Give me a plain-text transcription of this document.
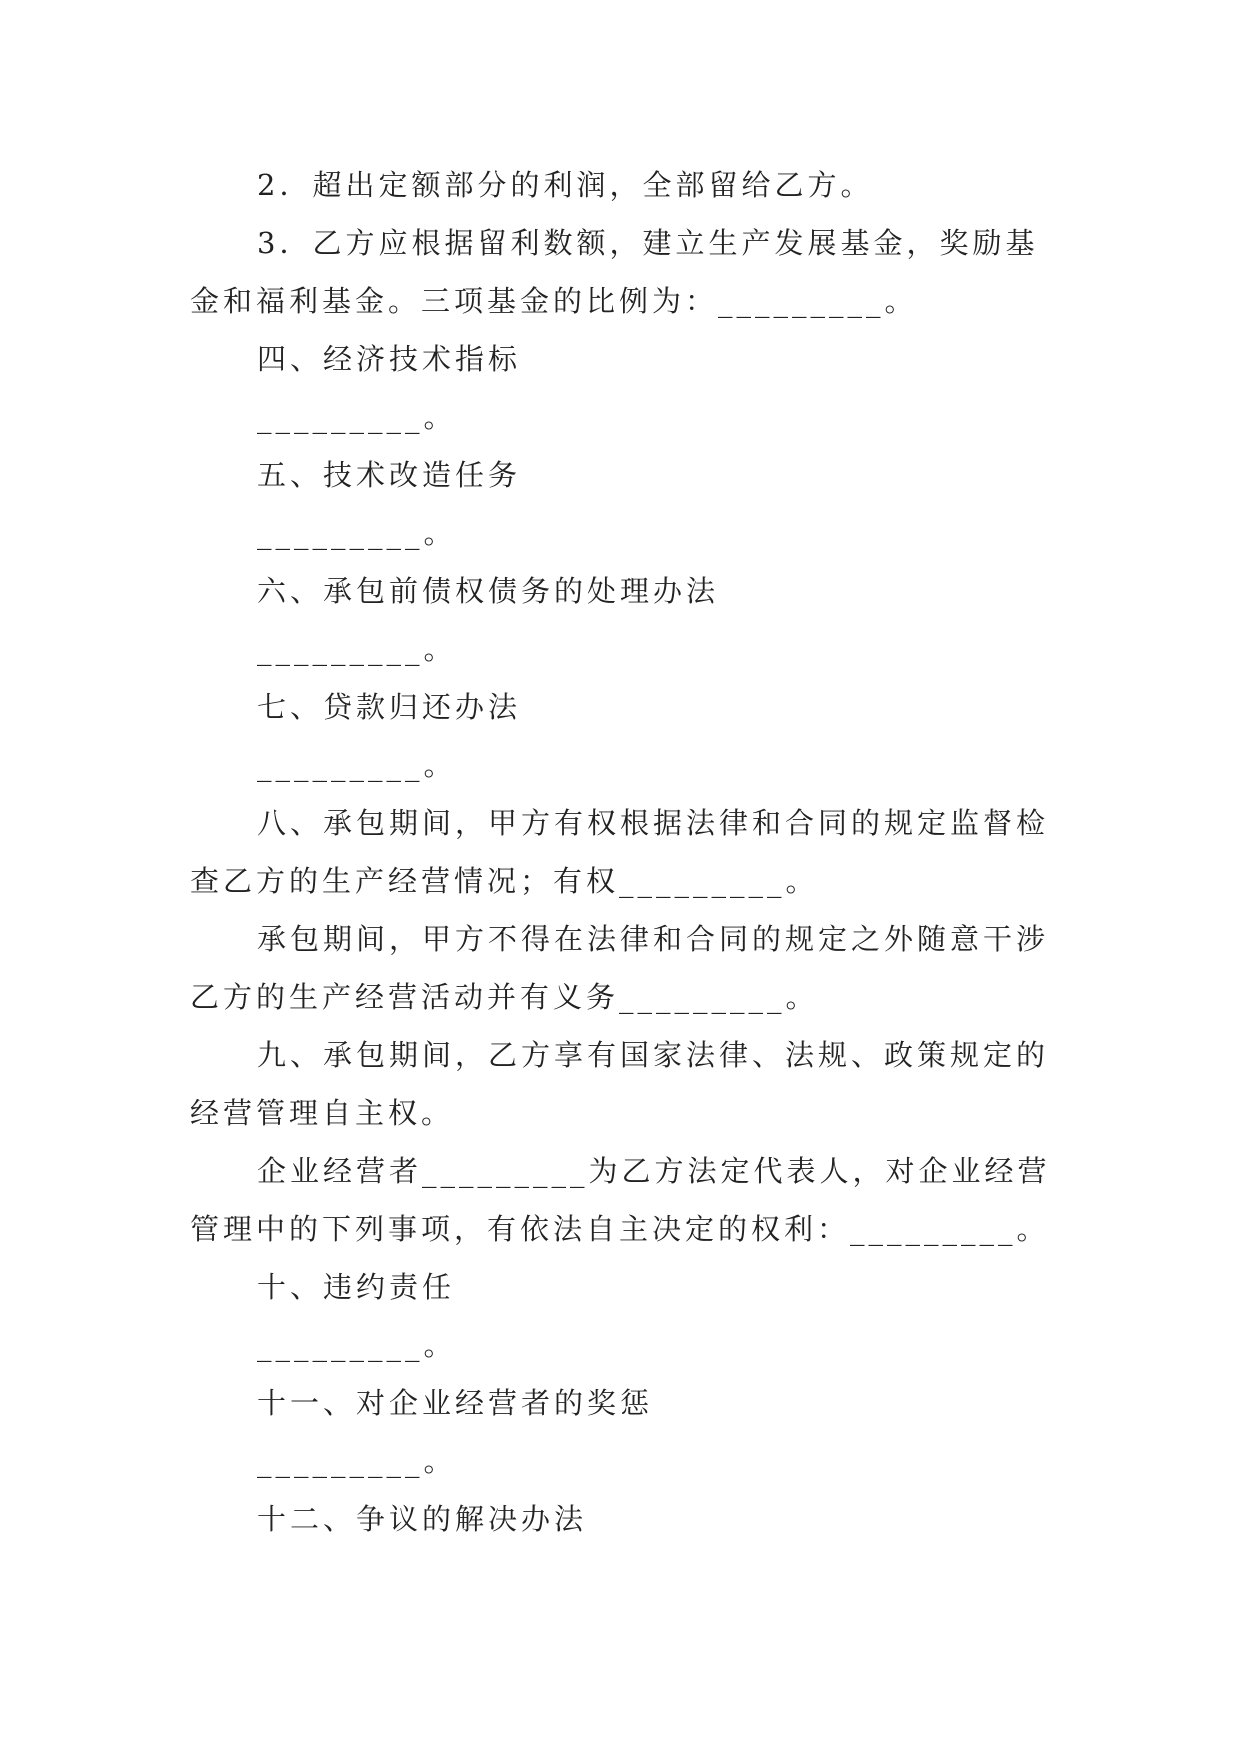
2．超出定额部分的利润，全部留给乙方。

3．乙方应根据留利数额，建立生产发展基金，奖励基

金和福利基金。三项基金的比例为：_________。

四、经济技术指标

_________。

五、技术改造任务

_________。

六、承包前债权债务的处理办法

_________。

七、贷款归还办法

_________。

八、承包期间，甲方有权根据法律和合同的规定监督检

查乙方的生产经营情况；有权_________。

承包期间，甲方不得在法律和合同的规定之外随意干涉

乙方的生产经营活动并有义务_________。

九、承包期间，乙方享有国家法律、法规、政策规定的

经营管理自主权。

企业经营者_________为乙方法定代表人，对企业经营

管理中的下列事项，有依法自主决定的权利：_________。

十、违约责任

_________。

十一、对企业经营者的奖惩

_________。

十二、争议的解决办法
